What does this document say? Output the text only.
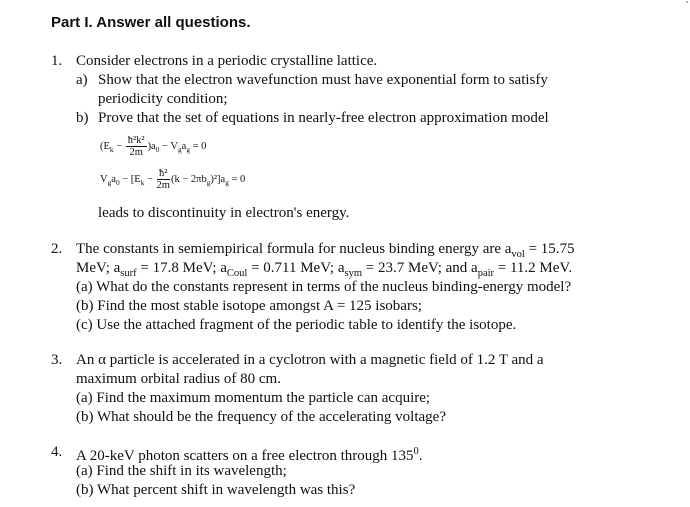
'
Part I. Answer all questions.
1. Consider electrons in a periodic crystalline lattice.
a) Show that the electron wavefunction must have exponential form to satisfy
periodicity condition;
b) Prove that the set of equations in nearly-free electron approximation model
$(E_k - \frac{\text{ħ²k²}}{2m} )a_0 - V_ga_g = 0$
$V_ga_0 - [E_k - \frac{\text{ħ²}}{2m} (k - 2\pi b_g)^2]a_g = 0$
leads to discontinuity in electron's energy.
2. The constants in semiempirical formula for nucleus binding energy are $a_{vol} = 15.75$
MeV; $a_{surf} = 17.8$ MeV; $a_{Coul} = 0.711$ MeV; $a_{sym} = 23.7$ MeV; and $a_{pair} = 11.2$ MeV.
(a) What do the constants represent in terms of the nucleus binding-energy model?
(b) Find the most stable isotope amongst A = 125 isobars;
(c) Use the attached fragment of the periodic table to identify the isotope.
3. An α particle is accelerated in a cyclotron with a magnetic field of 1.2 T and a
maximum orbital radius of 80 cm.
(a) Find the maximum momentum the particle can acquire;
(b) What should be the frequency of the accelerating voltage?
4. A 20-keV photon scatters on a free electron through $135^0$.
(a) Find the shift in its wavelength;
(b) What percent shift in wavelength was this?
